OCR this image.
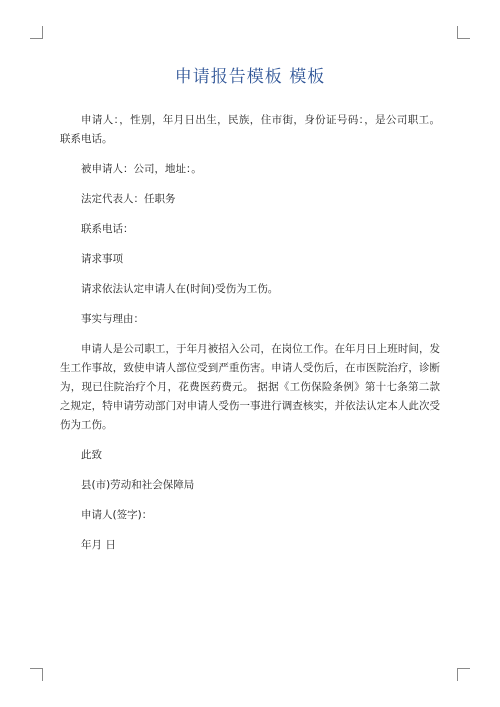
申请报告模板 模板

申请人：，性别，年月日出生，民族，住市街，身份证号码：，是公司职工。 联系电话。

被申请人：公司，地址：。

法定代表人：任职务

联系电话：

请求事项

请求依法认定申请人在(时间)受伤为工伤。

事实与理由：

申请人是公司职工，于年月被招入公司，在岗位工作。在年月日上班时间，发生工作事故，致使申请人部位受到严重伤害。申请人受伤后，在市医院治疗，诊断为，现已住院治疗个月，花费医药费元。 据据《工伤保险条例》第十七条第二款之规定，特申请劳动部门对申请人受伤一事进行调查核实，并依法认定本人此次受伤为工伤。

此致

县(市)劳动和社会保障局

申请人(签字)：

年月 日
